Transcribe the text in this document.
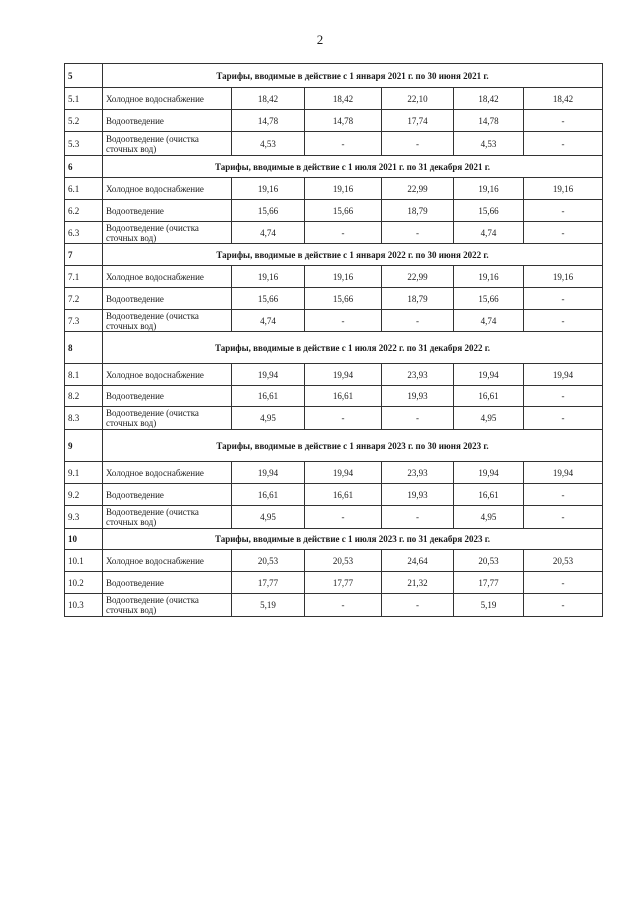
2
5	Тарифы, вводимые в действие с 1 января 2021 г. по 30 июня 2021 г.					
5.1	Холодное водоснабжение	18,42	18,42	22,10	18,42	18,42
5.2	Водоотведение	14,78	14,78	17,74	14,78	-
5.3	Водоотведение (очистка сточных вод)	4,53	-	-	4,53	-
6	Тарифы, вводимые в действие с 1 июля 2021 г. по 31 декабря 2021 г.					
6.1	Холодное водоснабжение	19,16	19,16	22,99	19,16	19,16
6.2	Водоотведение	15,66	15,66	18,79	15,66	-
6.3	Водоотведение (очистка сточных вод)	4,74	-	-	4,74	-
7	Тарифы, вводимые в действие с 1 января 2022 г. по 30 июня 2022 г.					
7.1	Холодное водоснабжение	19,16	19,16	22,99	19,16	19,16
7.2	Водоотведение	15,66	15,66	18,79	15,66	-
7.3	Водоотведение (очистка сточных вод)	4,74	-	-	4,74	-
8	Тарифы, вводимые в действие с 1 июля 2022 г. по 31 декабря 2022 г.					
8.1	Холодное водоснабжение	19,94	19,94	23,93	19,94	19,94
8.2	Водоотведение	16,61	16,61	19,93	16,61	-
8.3	Водоотведение (очистка сточных вод)	4,95	-	-	4,95	-
9	Тарифы, вводимые в действие с 1 января 2023 г. по 30 июня 2023 г.					
9.1	Холодное водоснабжение	19,94	19,94	23,93	19,94	19,94
9.2	Водоотведение	16,61	16,61	19,93	16,61	-
9.3	Водоотведение (очистка сточных вод)	4,95	-	-	4,95	-
10	Тарифы, вводимые в действие с 1 июля 2023 г. по 31 декабря 2023 г.					
10.1	Холодное водоснабжение	20,53	20,53	24,64	20,53	20,53
10.2	Водоотведение	17,77	17,77	21,32	17,77	-
10.3	Водоотведение (очистка сточных вод)	5,19	-	-	5,19	-
